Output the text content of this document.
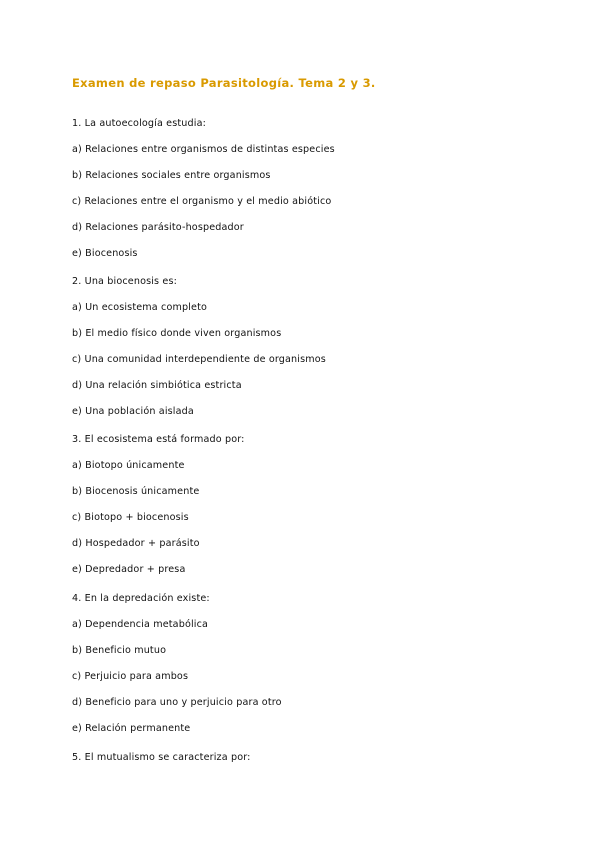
Examen de repaso Parasitología. Tema 2 y 3.
1. La autoecología estudia:
a) Relaciones entre organismos de distintas especies
b) Relaciones sociales entre organismos
c) Relaciones entre el organismo y el medio abiótico
d) Relaciones parásito-hospedador
e) Biocenosis
2. Una biocenosis es:
a) Un ecosistema completo
b) El medio físico donde viven organismos
c) Una comunidad interdependiente de organismos
d) Una relación simbiótica estricta
e) Una población aislada
3. El ecosistema está formado por:
a) Biotopo únicamente
b) Biocenosis únicamente
c) Biotopo + biocenosis
d) Hospedador + parásito
e) Depredador + presa
4. En la depredación existe:
a) Dependencia metabólica
b) Beneficio mutuo
c) Perjuicio para ambos
d) Beneficio para uno y perjuicio para otro
e) Relación permanente
5. El mutualismo se caracteriza por:
